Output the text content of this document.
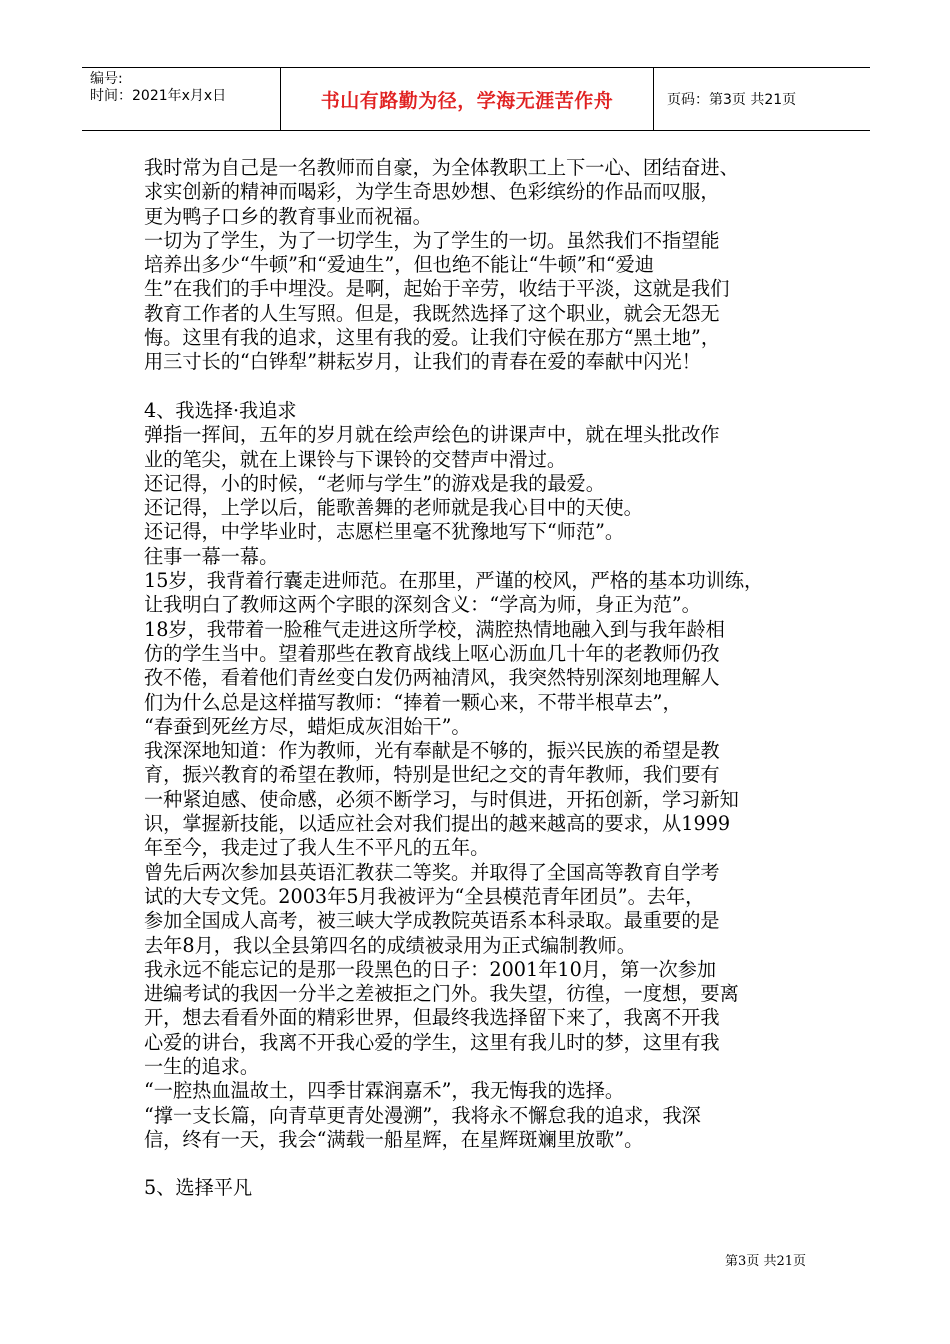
编号:
时间：2021年x月x日	书山有路勤为径，学海无涯苦作舟	页码：第3页 共21页

我时常为自己是一名教师而自豪，为全体教职工上下一心、团结奋进、

求实创新的精神而喝彩，为学生奇思妙想、色彩缤纷的作品而叹服，

更为鸭子口乡的教育事业而祝福。

一切为了学生，为了一切学生，为了学生的一切。虽然我们不指望能

培养出多少“牛顿”和“爱迪生”，但也绝不能让“牛顿”和“爱迪

生”在我们的手中埋没。是啊，起始于辛劳，收结于平淡，这就是我们

教育工作者的人生写照。但是，我既然选择了这个职业，就会无怨无

悔。这里有我的追求，这里有我的爱。让我们守候在那方“黑土地”，

用三寸长的“白铧犁”耕耘岁月，让我们的青春在爱的奉献中闪光！

4、我选择·我追求

弹指一挥间，五年的岁月就在绘声绘色的讲课声中，就在埋头批改作

业的笔尖，就在上课铃与下课铃的交替声中滑过。

还记得，小的时候，“老师与学生”的游戏是我的最爱。

还记得，上学以后，能歌善舞的老师就是我心目中的天使。

还记得，中学毕业时，志愿栏里毫不犹豫地写下“师范”。

往事一幕一幕。

15岁，我背着行囊走进师范。在那里，严谨的校风，严格的基本功训练，

让我明白了教师这两个字眼的深刻含义：“学高为师，身正为范”。

18岁，我带着一脸稚气走进这所学校，满腔热情地融入到与我年龄相

仿的学生当中。望着那些在教育战线上呕心沥血几十年的老教师仍孜

孜不倦，看着他们青丝变白发仍两袖清风，我突然特别深刻地理解人

们为什么总是这样描写教师：“捧着一颗心来，不带半根草去”，

“春蚕到死丝方尽，蜡炬成灰泪始干”。

我深深地知道：作为教师，光有奉献是不够的，振兴民族的希望是教

育，振兴教育的希望在教师，特别是世纪之交的青年教师，我们要有

一种紧迫感、使命感，必须不断学习，与时俱进，开拓创新，学习新知

识，掌握新技能，以适应社会对我们提出的越来越高的要求，从1999

年至今，我走过了我人生不平凡的五年。

曾先后两次参加县英语汇教获二等奖。并取得了全国高等教育自学考

试的大专文凭。2003年5月我被评为“全县模范青年团员”。去年，

参加全国成人高考，被三峡大学成教院英语系本科录取。最重要的是

去年8月，我以全县第四名的成绩被录用为正式编制教师。

我永远不能忘记的是那一段黑色的日子：2001年10月，第一次参加

进编考试的我因一分半之差被拒之门外。我失望，彷徨，一度想，要离

开，想去看看外面的精彩世界，但最终我选择留下来了，我离不开我

心爱的讲台，我离不开我心爱的学生，这里有我儿时的梦，这里有我

一生的追求。

“一腔热血温故土，四季甘霖润嘉禾”，我无悔我的选择。

“撑一支长篇，向青草更青处漫溯”，我将永不懈怠我的追求，我深

信，终有一天，我会“满载一船星辉，在星辉斑斓里放歌”。

5、选择平凡

第3页 共21页
